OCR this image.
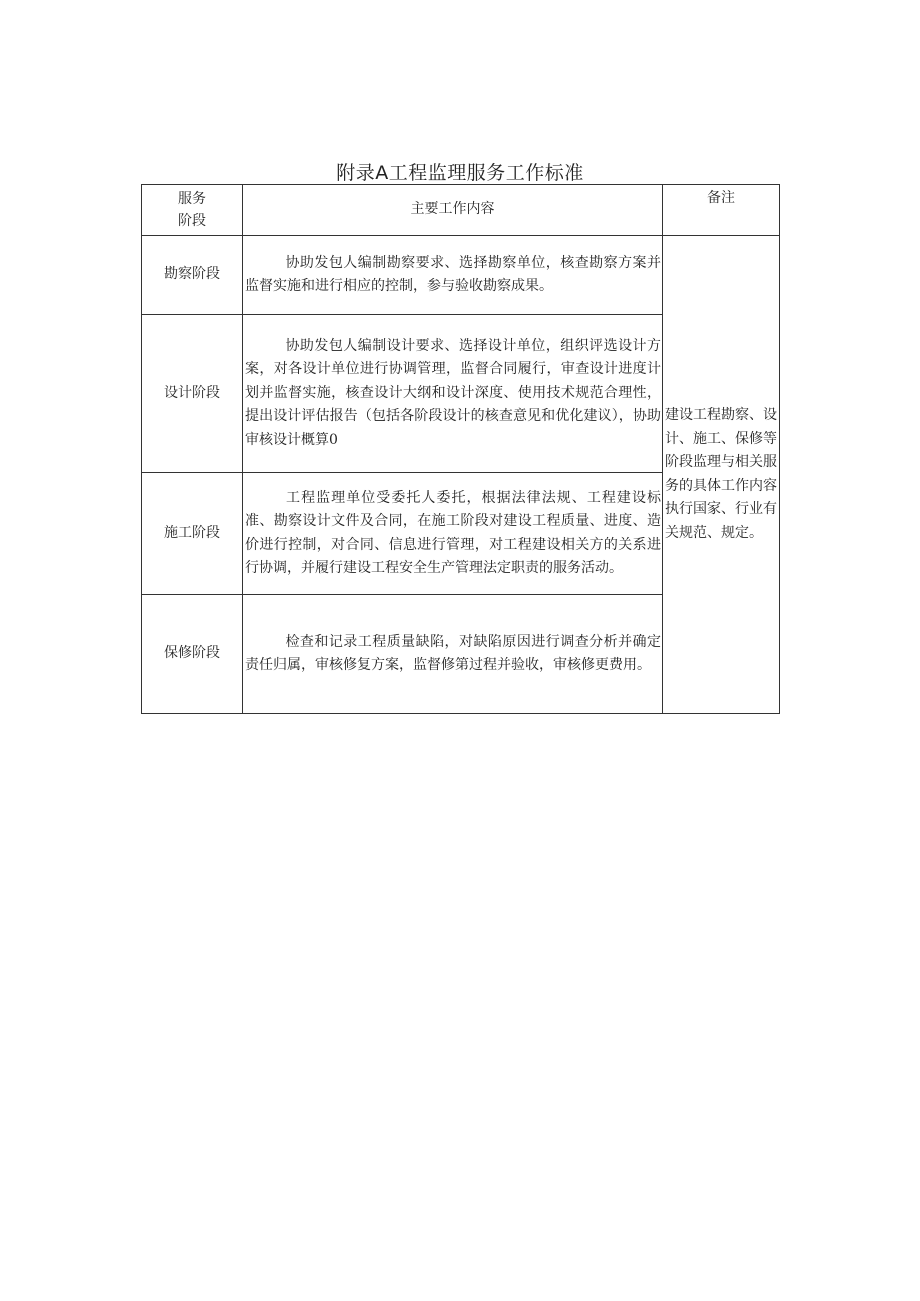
附录A工程监理服务工作标准
服务
阶段	主要工作内容	备注
勘察阶段	协助发包人编制勘察要求、选择勘察单位，核查勘察方案并监督实施和进行相应的控制，参与验收勘察成果。	建设工程勘察、设计、施工、保修等阶段监理与相关服务的具体工作内容执行国家、行业有关规范、规定。
设计阶段	协助发包人编制设计要求、选择设计单位，组织评选设计方案，对各设计单位进行协调管理，监督合同履行，审查设计进度计划并监督实施，核查设计大纲和设计深度、使用技术规范合理性，提出设计评估报告（包括各阶段设计的核查意见和优化建议），协助审核设计概算0	
施工阶段	工程监理单位受委托人委托，根据法律法规、工程建设标准、勘察设计文件及合同，在施工阶段对建设工程质量、进度、造价进行控制，对合同、信息进行管理，对工程建设相关方的关系进行协调，并履行建设工程安全生产管理法定职责的服务活动。	
保修阶段	检查和记录工程质量缺陷，对缺陷原因进行调查分析并确定责任归属，审核修复方案，监督修第过程并验收，审核修更费用。	
